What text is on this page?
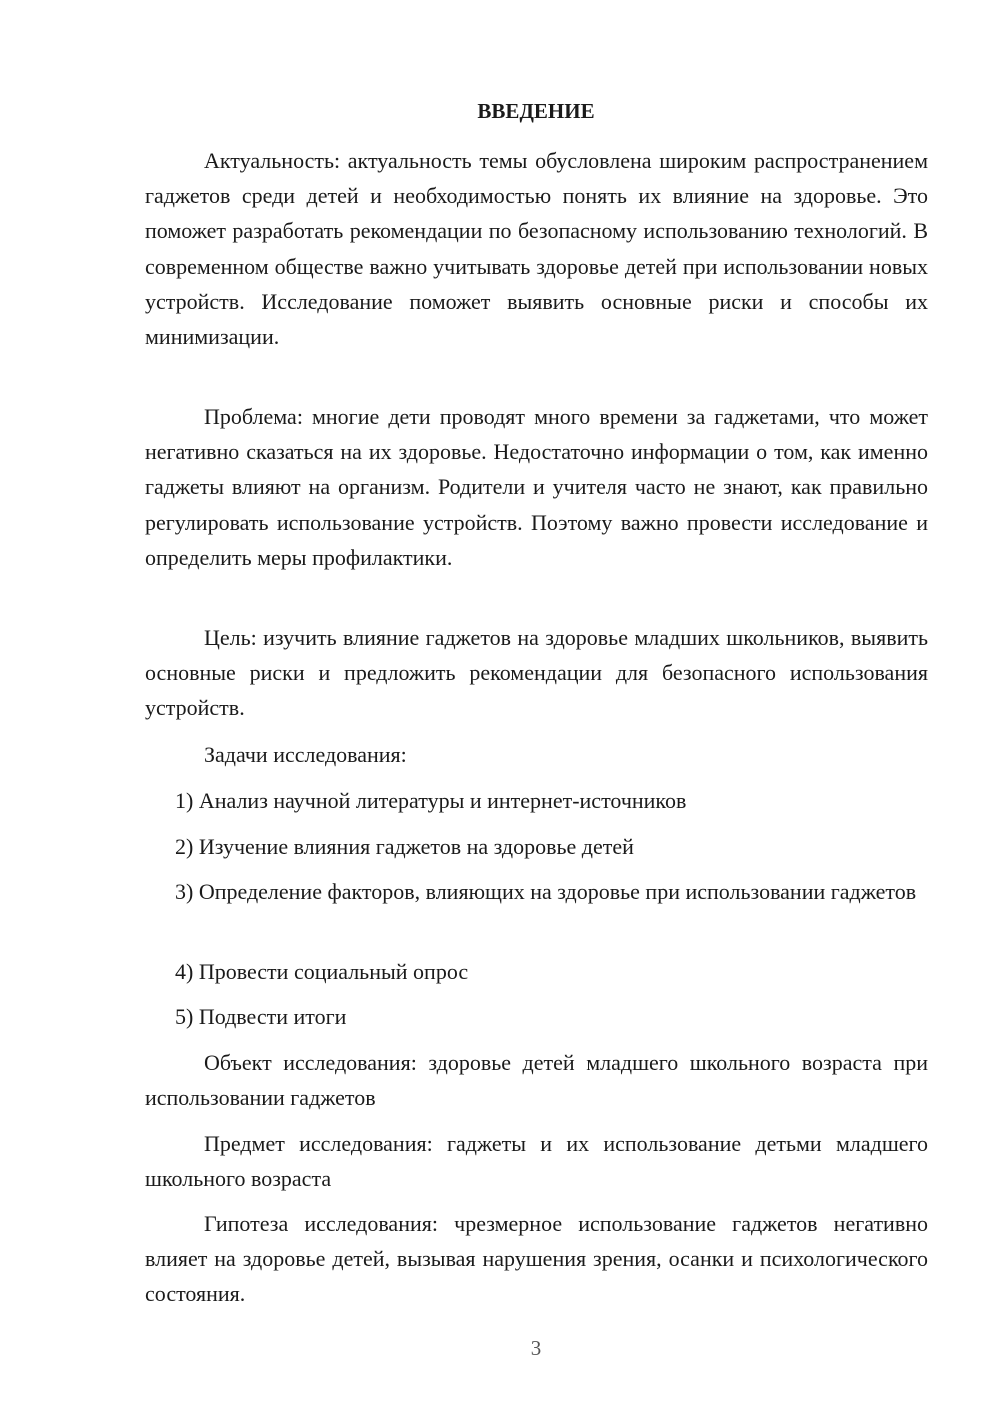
ВВЕДЕНИЕ
Актуальность: актуальность темы обусловлена широким распространением гаджетов среди детей и необходимостью понять их влияние на здоровье. Это поможет разработать рекомендации по безопасному использованию технологий. В современном обществе важно учитывать здоровье детей при использовании новых устройств. Исследование поможет выявить основные риски и способы их минимизации.
Проблема: многие дети проводят много времени за гаджетами, что может негативно сказаться на их здоровье. Недостаточно информации о том, как именно гаджеты влияют на организм. Родители и учителя часто не знают, как правильно регулировать использование устройств. Поэтому важно провести исследование и определить меры профилактики.
Цель: изучить влияние гаджетов на здоровье младших школьников, выявить основные риски и предложить рекомендации для безопасного использования устройств.
Задачи исследования:
1) Анализ научной литературы и интернет-источников
2) Изучение влияния гаджетов на здоровье детей
3) Определение факторов, влияющих на здоровье при использовании гаджетов
4) Провести социальный опрос
5) Подвести итоги
Объект исследования: здоровье детей младшего школьного возраста при использовании гаджетов
Предмет исследования: гаджеты и их использование детьми младшего школьного возраста
Гипотеза исследования: чрезмерное использование гаджетов негативно влияет на здоровье детей, вызывая нарушения зрения, осанки и психологического состояния.
3
